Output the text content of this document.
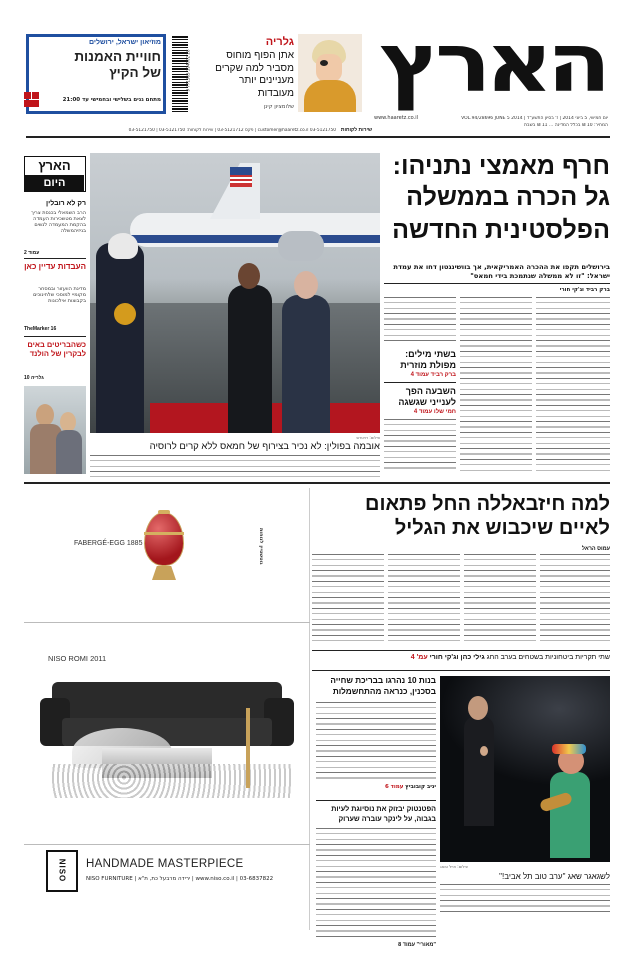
הארץ
יום חמישי, 5 ביוני 2014 | ז' בסיון התשע"ד | VOL.94/28696 JUNE 5 2014
www.haaretz.co.il
גלריה
אתן הפוף מוחוס מסביר למה שקרים מעניינים יותר מעובדות
שלומציון קינן
מוזיאון ישראל, ירושלים
חוויית האמנות
של הקיץ
מתחם גנים בשלישי ובחמישי עד 21:00
9 771565 394002 28
המחיר: 10 ₪ בכלל המדינה ... 11 ₪ בשבת
customer@haaretz.co.il 03-5121750 | פקס 03-5121712 | שירות לקוחות: 03-5121750 | 03-5121750 שירות לקוחות
חרף מאמצי נתניהו:
גל הכרה בממשלה
הפלסטינית החדשה
בירושלים תקפו את ההכרה האמריקאית, אך בוושינגטון דחו את עמדת ישראל: "זו לא ממשלה שנתמכת בידי חמאס"
ברק רביד וג'קי חורי
בשתי מילים:
מפולת מוזרית
ברק רביד עמוד 4
השבעה הפך
לענייני שגשגה
חמי שלו עמוד 4
צילום: רויטרס
אובמה בפולין: לא נכיר בצירוף של חמאס ללא קרים לרוסיה
הארץ
היום
רק לא רובלין
הרב השמאלי בכנסת צריך לצאת מטשכירות העמדה בהקמת המעמדה לנשים בניזיהמשלה
עמוד 2
העבדות עדיין כאן
מדינת הוועזור ובמסחר מקומיי למוסכי שלחינוכים בקבוצות אילכונות
TheMarker 16
כשהבריטים באים לבקרין של הולנד
גלריה 10
למה חיזבאללה החל פתאום
לאיים שיכבוש את הגליל
עמוס הראל
שתי תקריות ביטחוניות בשטחים בערב החג גילי כהן וג'קי חורי עמ' 4
צילום: אייל טואג
לשגאגר שאג "ערב טוב תל אביב!"
בנות 10 נהרגו בבריכת שחייה
בסכנין, כנראה מהתחשמלות
יניב קובוביץ עמוד 6
הפטנטוק יבזוק את נוסיוגת לעיות
בגבוה, על לינקר עוברה שערוק
"מאורי" עמוד 8
FABERGÉ-EGG 1885	גוטשטיין לנוחות
NISO ROMI 2011
NISO HANDMADE MASTERPIECE
NISO FURNITURE | ירידה מרבעל כת, ת"א | www.niso.co.il | 03-6837822
